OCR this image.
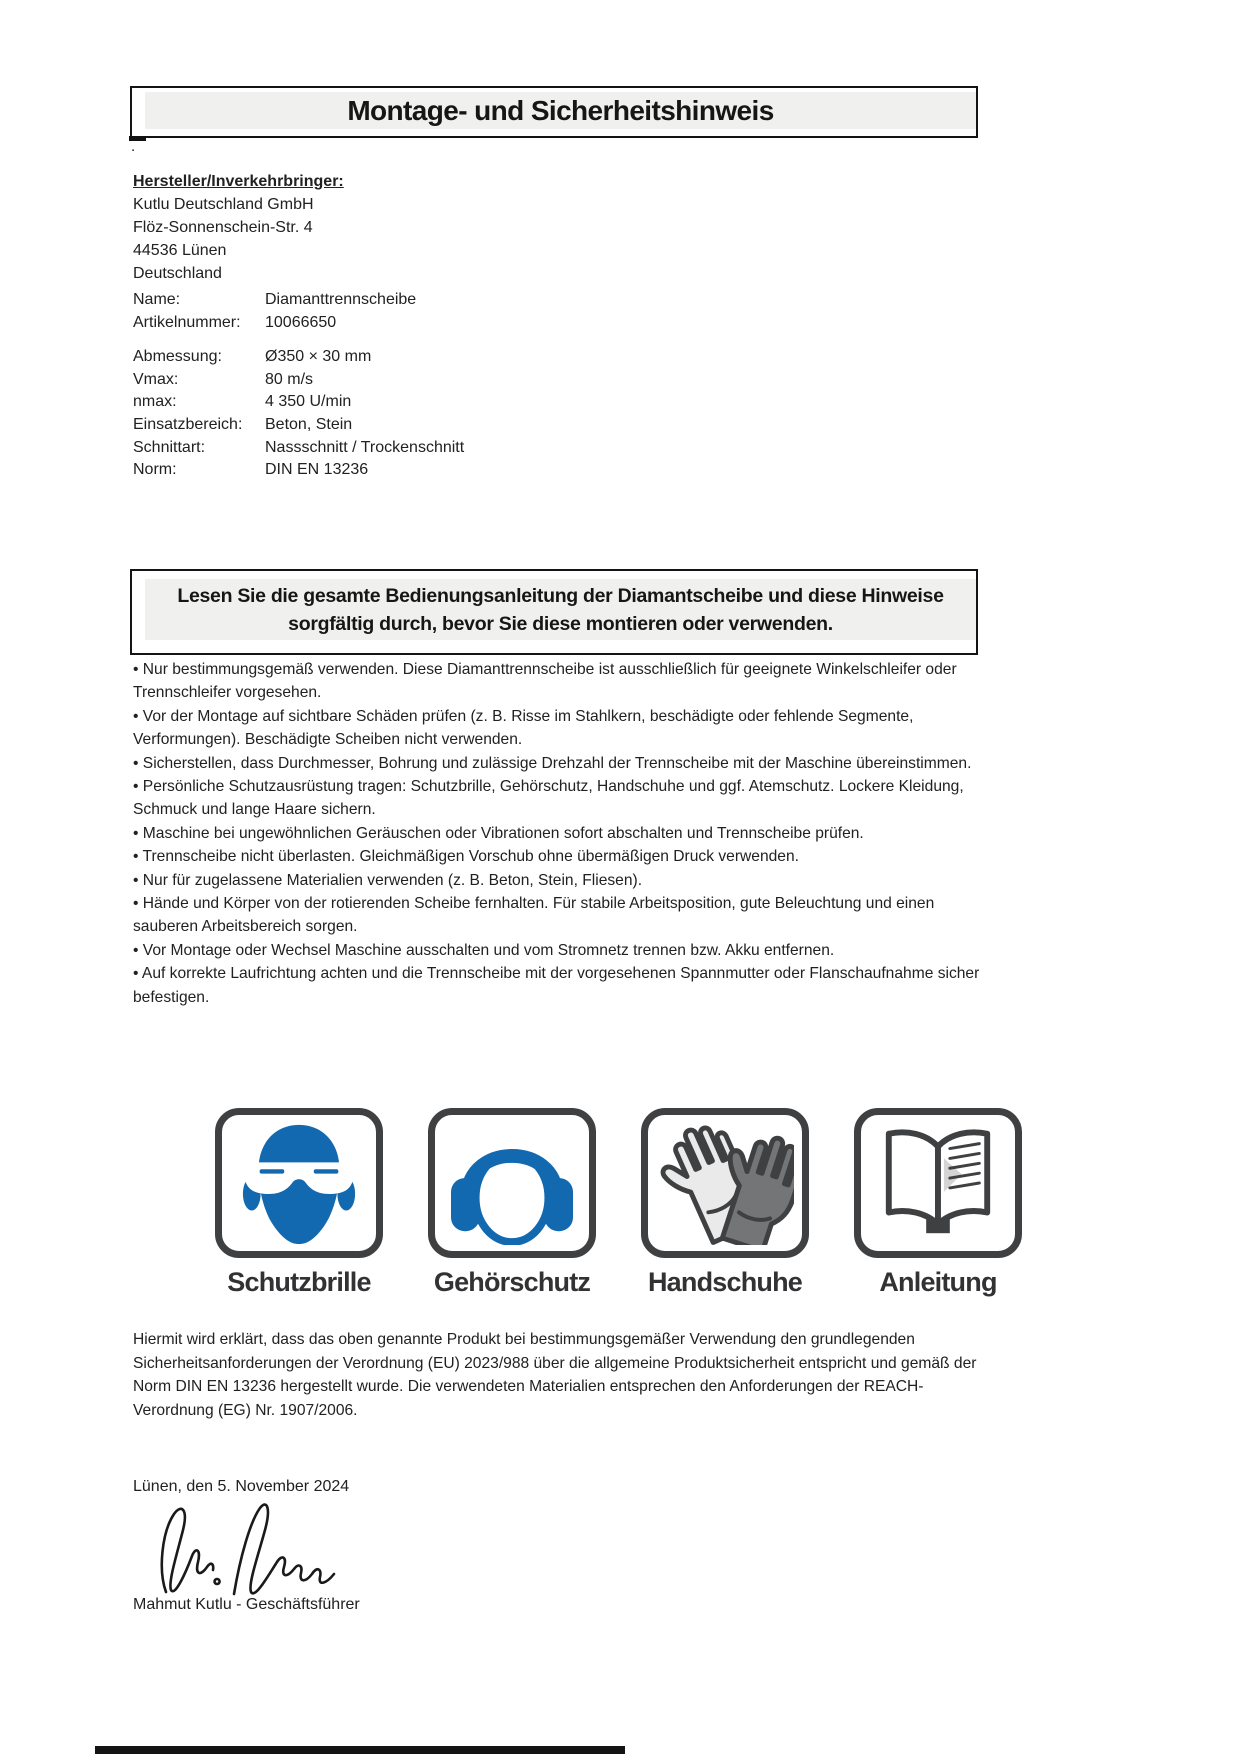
Montage- und Sicherheitshinweis
.
Hersteller/Inverkehrbringer:
Kutlu Deutschland GmbH
Flöz-Sonnenschein-Str. 4
44536 Lünen
Deutschland
Name:	Diamanttrennscheibe
Artikelnummer:	10066650
Abmessung:	Ø350 × 30 mm
Vmax:	80 m/s
nmax:	4 350 U/min
Einsatzbereich:	Beton, Stein
Schnittart:	Nassschnitt / Trockenschnitt
Norm:	DIN EN 13236
Lesen Sie die gesamte Bedienungsanleitung der Diamantscheibe und diese Hinweise sorgfältig durch, bevor Sie diese montieren oder verwenden.
• Nur bestimmungsgemäß verwenden. Diese Diamanttrennscheibe ist ausschließlich für geeignete Winkelschleifer oder Trennschleifer vorgesehen.
• Vor der Montage auf sichtbare Schäden prüfen (z. B. Risse im Stahlkern, beschädigte oder fehlende Segmente, Verformungen). Beschädigte Scheiben nicht verwenden.
• Sicherstellen, dass Durchmesser, Bohrung und zulässige Drehzahl der Trennscheibe mit der Maschine übereinstimmen.
• Persönliche Schutzausrüstung tragen: Schutzbrille, Gehörschutz, Handschuhe und ggf. Atemschutz. Lockere Kleidung, Schmuck und lange Haare sichern.
• Maschine bei ungewöhnlichen Geräuschen oder Vibrationen sofort abschalten und Trennscheibe prüfen.
• Trennscheibe nicht überlasten. Gleichmäßigen Vorschub ohne übermäßigen Druck verwenden.
• Nur für zugelassene Materialien verwenden (z. B. Beton, Stein, Fliesen).
• Hände und Körper von der rotierenden Scheibe fernhalten. Für stabile Arbeitsposition, gute Beleuchtung und einen sauberen Arbeitsbereich sorgen.
• Vor Montage oder Wechsel Maschine ausschalten und vom Stromnetz trennen bzw. Akku entfernen.
• Auf korrekte Laufrichtung achten und die Trennscheibe mit der vorgesehenen Spannmutter oder Flanschaufnahme sicher befestigen.
Schutzbrille Gehörschutz Handschuhe	Anleitung
Hiermit wird erklärt, dass das oben genannte Produkt bei bestimmungsgemäßer Verwendung den grundlegenden Sicherheitsanforderungen der Verordnung (EU) 2023/988 über die allgemeine Produktsicherheit entspricht und gemäß der Norm DIN EN 13236 hergestellt wurde. Die verwendeten Materialien entsprechen den Anforderungen der REACH-Verordnung (EG) Nr. 1907/2006.
Lünen, den 5. November 2024
Mahmut Kutlu - Geschäftsführer
